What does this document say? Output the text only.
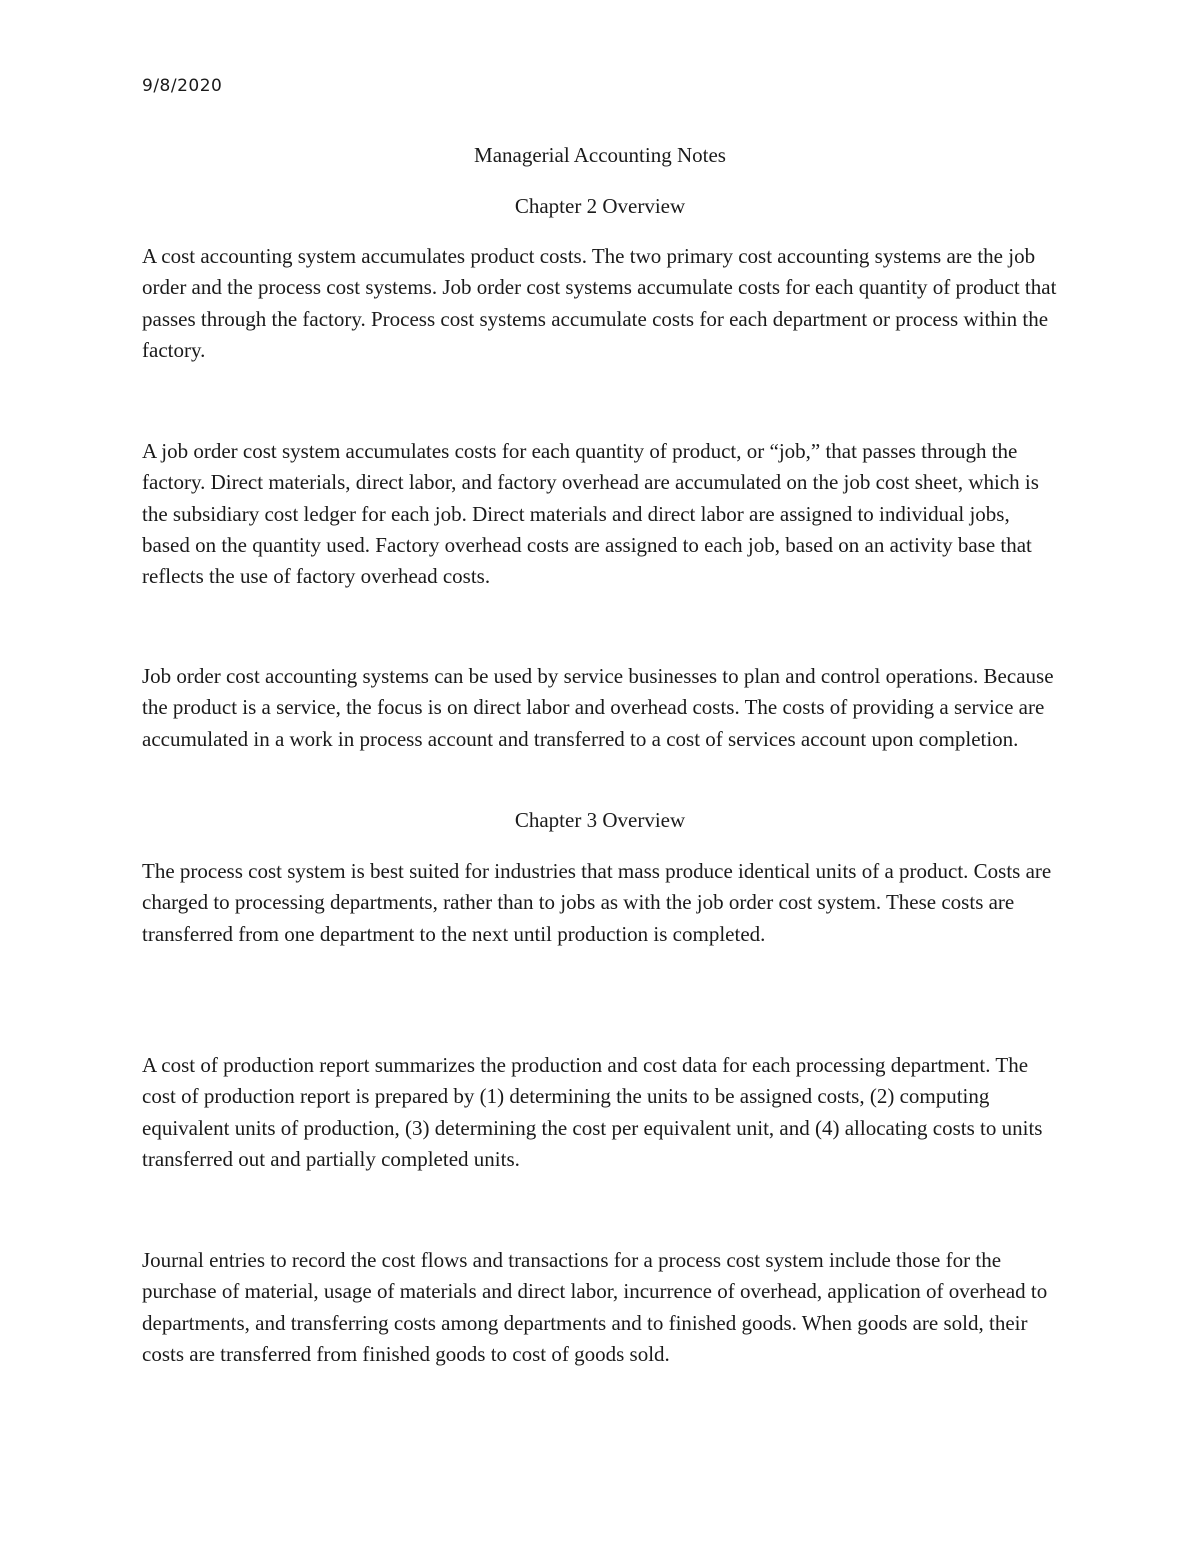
9/8/2020
Managerial Accounting Notes
Chapter 2 Overview

A cost accounting system accumulates product costs. The two primary cost accounting systems are the job order and the process cost systems. Job order cost systems accumulate costs for each quantity of product that passes through the factory. Process cost systems accumulate costs for each department or process within the factory.

A job order cost system accumulates costs for each quantity of product, or “job,” that passes through the factory. Direct materials, direct labor, and factory overhead are accumulated on the job cost sheet, which is the subsidiary cost ledger for each job. Direct materials and direct labor are assigned to individual jobs, based on the quantity used. Factory overhead costs are assigned to each job, based on an activity base that reflects the use of factory overhead costs.

Job order cost accounting systems can be used by service businesses to plan and control operations. Because the product is a service, the focus is on direct labor and overhead costs. The costs of providing a service are accumulated in a work in process account and transferred to a cost of services account upon completion.

Chapter 3 Overview

The process cost system is best suited for industries that mass produce identical units of a product. Costs are charged to processing departments, rather than to jobs as with the job order cost system. These costs are transferred from one department to the next until production is completed.

A cost of production report summarizes the production and cost data for each processing department. The cost of production report is prepared by (1) determining the units to be assigned costs, (2) computing equivalent units of production, (3) determining the cost per equivalent unit, and (4) allocating costs to units transferred out and partially completed units.

Journal entries to record the cost flows and transactions for a process cost system include those for the purchase of material, usage of materials and direct labor, incurrence of overhead, application of overhead to departments, and transferring costs among departments and to finished goods. When goods are sold, their costs are transferred from finished goods to cost of goods sold.
